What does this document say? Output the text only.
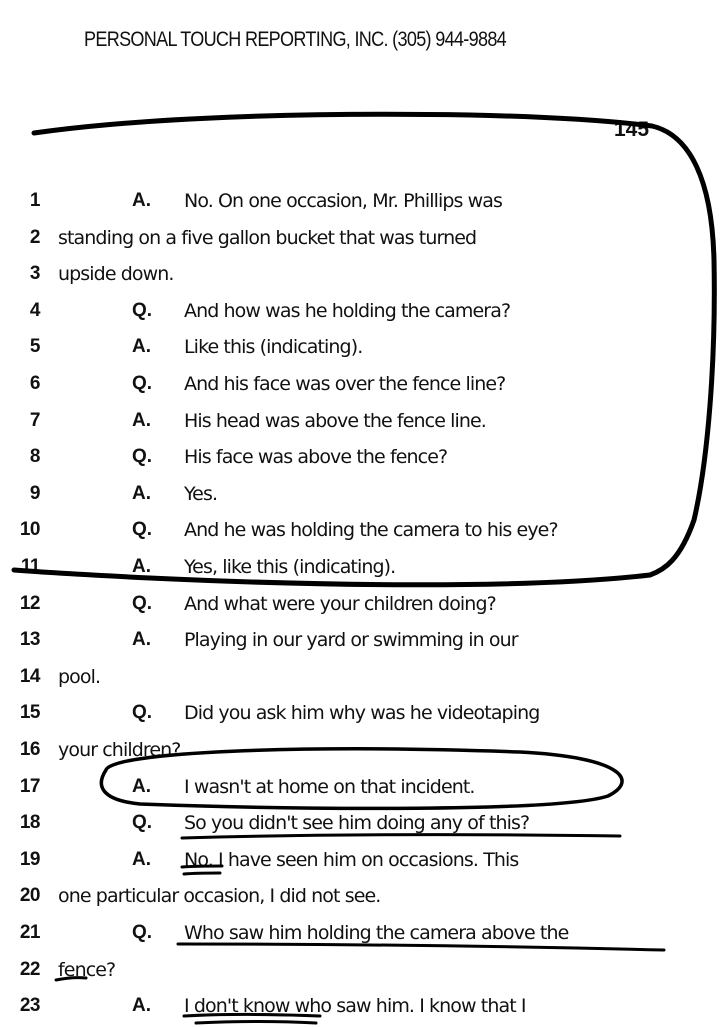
PERSONAL TOUCH REPORTING, INC. (305) 944-9884
145
1	A. No. On one occasion, Mr. Phillips was
2 standing on a five gallon bucket that was turned
3 upside down.
4	Q. And how was he holding the camera?
5	A. Like this (indicating).
6	Q. And his face was over the fence line?
7	A. His head was above the fence line.
8	Q. His face was above the fence?
9	A. Yes.
10	Q. And he was holding the camera to his eye?
11	A. Yes, like this (indicating).
12	Q. And what were your children doing?
13	A. Playing in our yard or swimming in our
14 pool.
15	Q. Did you ask him why was he videotaping
16 your children?
17	A. I wasn't at home on that incident.
18	Q. So you didn't see him doing any of this?
19	A. No. I have seen him on occasions. This
20 one particular occasion, I did not see.
21	Q. Who saw him holding the camera above the
22 fence?
23	A. I don't know who saw him. I know that I
